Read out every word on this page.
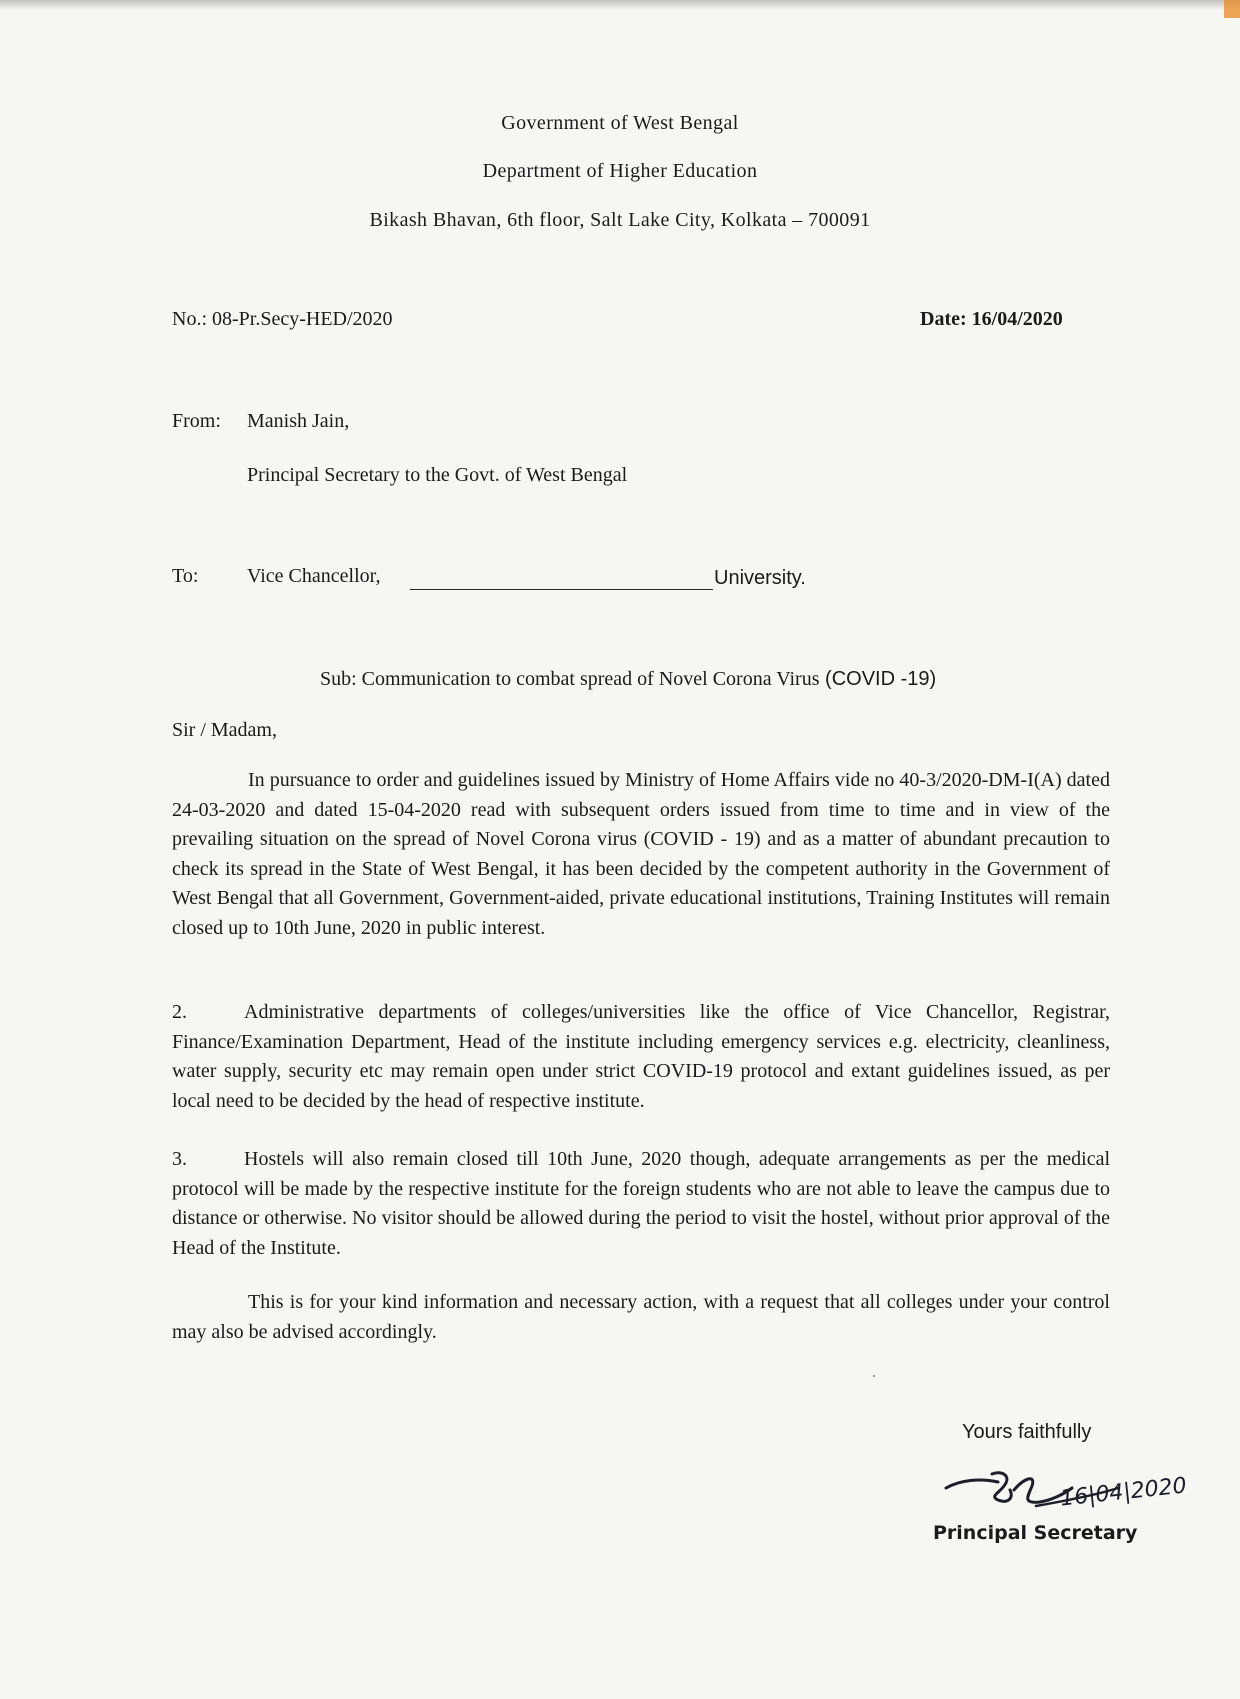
Government of West Bengal
Department of Higher Education
Bikash Bhavan, 6th floor, Salt Lake City, Kolkata – 700091
No.: 08-Pr.Secy-HED/2020	Date: 16/04/2020
From: Manish Jain,
Principal Secretary to the Govt. of West Bengal
To: Vice Chancellor,	University.
Sub: Communication to combat spread of Novel Corona Virus (COVID -19)
Sir / Madam,

In pursuance to order and guidelines issued by Ministry of Home Affairs vide no 40-3/2020-DM-I(A) dated 24-03-2020 and dated 15-04-2020 read with subsequent orders issued from time to time and in view of the prevailing situation on the spread of Novel Corona virus (COVID - 19) and as a matter of abundant precaution to check its spread in the State of West Bengal, it has been decided by the competent authority in the Government of West Bengal that all Government, Government-aided, private educational institutions, Training Institutes will remain closed up to 10th June, 2020 in public interest.

2.	Administrative departments of colleges/universities like the office of Vice Chancellor, Registrar, Finance/Examination Department, Head of the institute including emergency services e.g. electricity, cleanliness, water supply, security etc may remain open under strict COVID-19 protocol and extant guidelines issued, as per local need to be decided by the head of respective institute.

3.	Hostels will also remain closed till 10th June, 2020 though, adequate arrangements as per the medical protocol will be made by the respective institute for the foreign students who are not able to leave the campus due to distance or otherwise. No visitor should be allowed during the period to visit the hostel, without prior approval of the Head of the Institute.

This is for your kind information and necessary action, with a request that all colleges under your control may also be advised accordingly.

Yours faithfully
16|04|2020
Principal Secretary
